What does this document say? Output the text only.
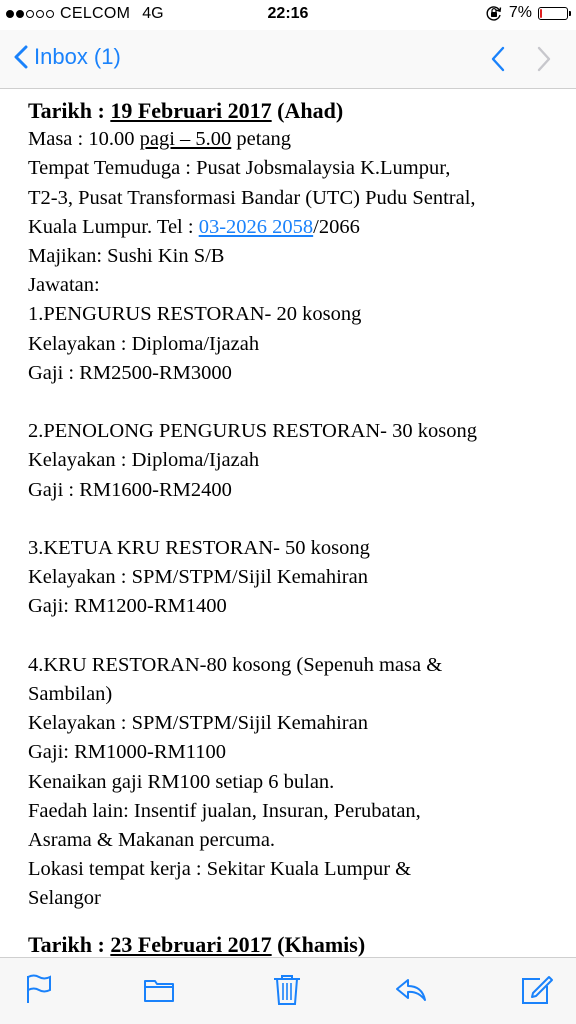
CELCOM 4G	22:16	7%
Inbox (1)

Tarikh : 19 Februari 2017 (Ahad)

Masa : 10.00 pagi – 5.00 petang

Tempat Temuduga : Pusat Jobsmalaysia K.Lumpur,

T2-3, Pusat Transformasi Bandar (UTC) Pudu Sentral,

Kuala Lumpur. Tel : 03-2026 2058/2066

Majikan: Sushi Kin S/B

Jawatan:

1.PENGURUS RESTORAN- 20 kosong

Kelayakan : Diploma/Ijazah

Gaji : RM2500-RM3000

2.PENOLONG PENGURUS RESTORAN- 30 kosong

Kelayakan : Diploma/Ijazah

Gaji : RM1600-RM2400

3.KETUA KRU RESTORAN- 50 kosong

Kelayakan : SPM/STPM/Sijil Kemahiran

Gaji: RM1200-RM1400

4.KRU RESTORAN-80 kosong (Sepenuh masa &

Sambilan)

Kelayakan : SPM/STPM/Sijil Kemahiran

Gaji: RM1000-RM1100

Kenaikan gaji RM100 setiap 6 bulan.

Faedah lain: Insentif jualan, Insuran, Perubatan,

Asrama & Makanan percuma.

Lokasi tempat kerja : Sekitar Kuala Lumpur &

Selangor

Tarikh : 23 Februari 2017 (Khamis)
